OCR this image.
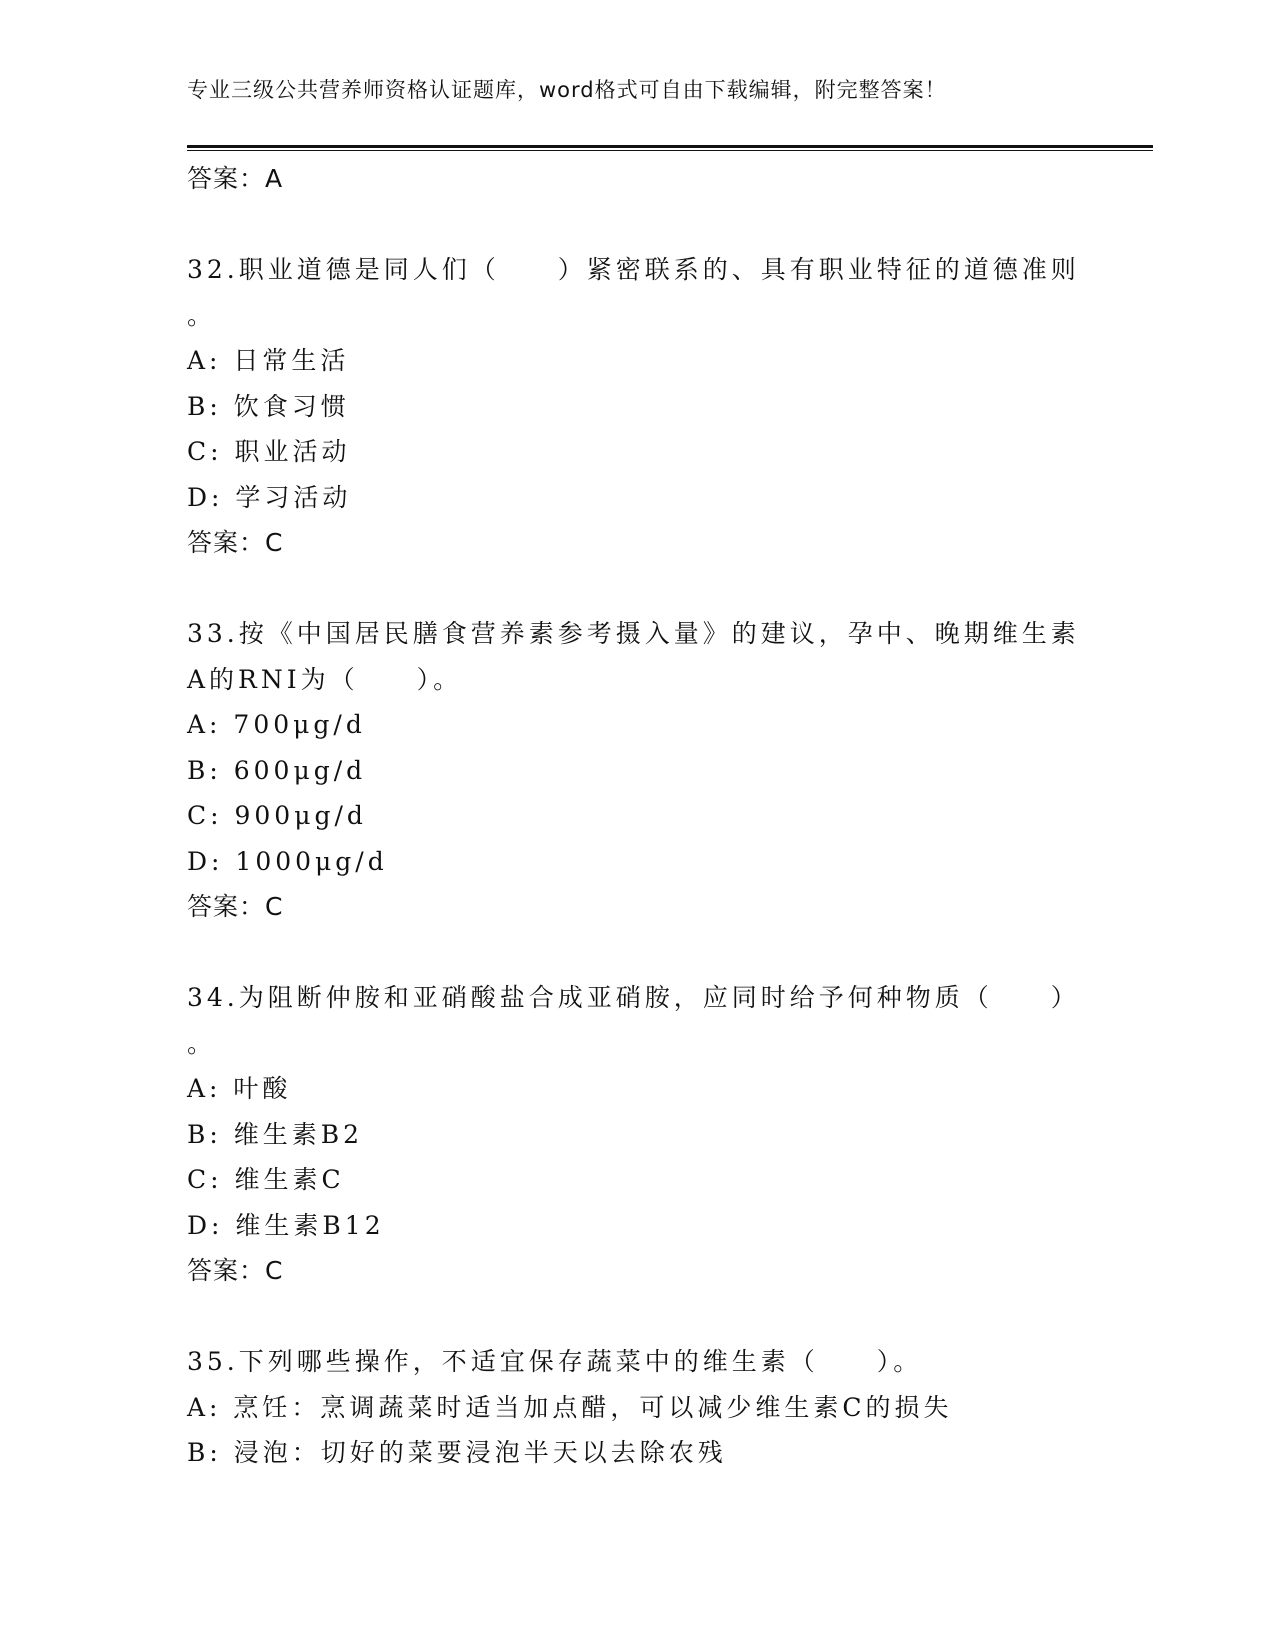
专业三级公共营养师资格认证题库，word格式可自由下载编辑，附完整答案！
答案：A
32.职业道德是同人们（　　）紧密联系的、具有职业特征的道德准则
。
A: 日常生活
B: 饮食习惯
C: 职业活动
D: 学习活动
答案：C
33.按《中国居民膳食营养素参考摄入量》的建议，孕中、晚期维生素
A的RNI为（　　）。
A: 700μg/d
B: 600μg/d
C: 900μg/d
D: 1000μg/d
答案：C
34.为阻断仲胺和亚硝酸盐合成亚硝胺，应同时给予何种物质（　　）
。
A: 叶酸
B: 维生素B2
C: 维生素C
D: 维生素B12
答案：C
35.下列哪些操作，不适宜保存蔬菜中的维生素（　　）。
A: 烹饪：烹调蔬菜时适当加点醋，可以减少维生素C的损失
B: 浸泡：切好的菜要浸泡半天以去除农残
